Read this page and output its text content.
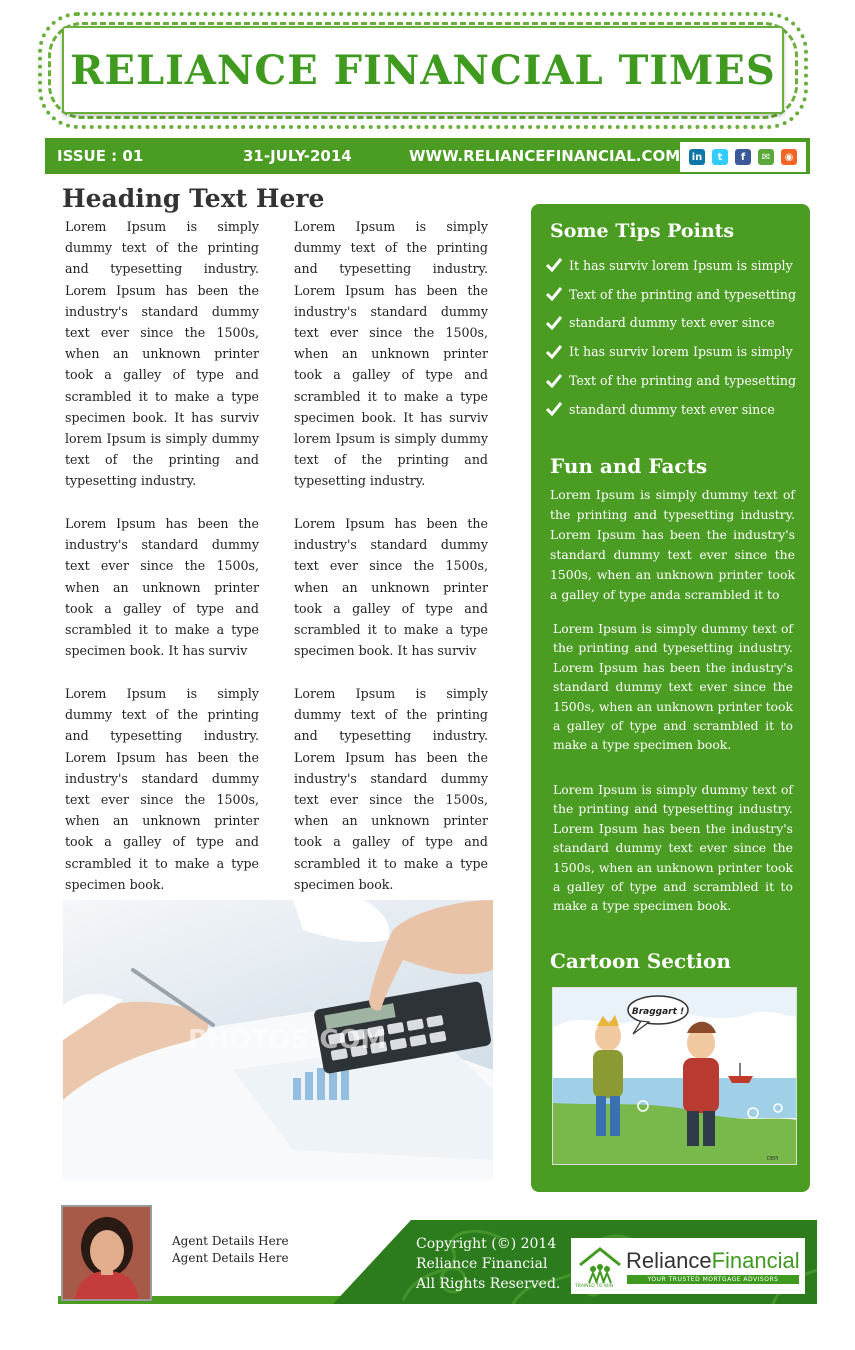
RELIANCE FINANCIAL TIMES
ISSUE : 01	31-JULY-2014	WWW.RELIANCEFINANCIAL.COM in	t	f	✉	◉
Heading Text Here

Lorem Ipsum is simply dummy text of the printing and typesetting industry. Lorem Ipsum has been the industry's standard dummy text ever since the 1500s, when an unknown printer took a galley of type and scrambled it to make a type specimen book. It has surviv lorem Ipsum is simply dummy text of the printing and typesetting industry.

Lorem Ipsum has been the industry's standard dummy text ever since the 1500s, when an unknown printer took a galley of type and scrambled it to make a type specimen book. It has surviv

Lorem Ipsum is simply dummy text of the printing and typesetting industry. Lorem Ipsum has been the industry's standard dummy text ever since the 1500s, when an unknown printer took a galley of type and scrambled it to make a type specimen book.

Lorem Ipsum is simply dummy text of the printing and typesetting industry. Lorem Ipsum has been the industry's standard dummy text ever since the 1500s, when an unknown printer took a galley of type and scrambled it to make a type specimen book. It has surviv lorem Ipsum is simply dummy text of the printing and typesetting industry.

Lorem Ipsum has been the industry's standard dummy text ever since the 1500s, when an unknown printer took a galley of type and scrambled it to make a type specimen book. It has surviv

Lorem Ipsum is simply dummy text of the printing and typesetting industry. Lorem Ipsum has been the industry's standard dummy text ever since the 1500s, when an unknown printer took a galley of type and scrambled it to make a type specimen book.

PHOTOS.COM
Some Tips Points
It has surviv lorem Ipsum is simply
Text of the printing and typesetting
standard dummy text ever since
It has surviv lorem Ipsum is simply
Text of the printing and typesetting
standard dummy text ever since
Fun and Facts

Lorem Ipsum is simply dummy text of the printing and typesetting industry. Lorem Ipsum has been the industry's standard dummy text ever since the 1500s, when an unknown printer took a galley of type anda scrambled it to

Lorem Ipsum is simply dummy text of the printing and typesetting industry. Lorem Ipsum has been the industry's standard dummy text ever since the 1500s, when an unknown printer took a galley of type and scrambled it to make a type specimen book.

Lorem Ipsum is simply dummy text of the printing and typesetting industry. Lorem Ipsum has been the industry's standard dummy text ever since the 1500s, when an unknown printer took a galley of type and scrambled it to make a type specimen book.

Cartoon Section
Braggart !
DEPI
Agent Details Here
Agent Details Here
Copyright (©) 2014
Reliance Financial
All Rights Reserved.	TRAINED TO WIN
RelianceFinancial
YOUR TRUSTED MORTGAGE ADVISORS
